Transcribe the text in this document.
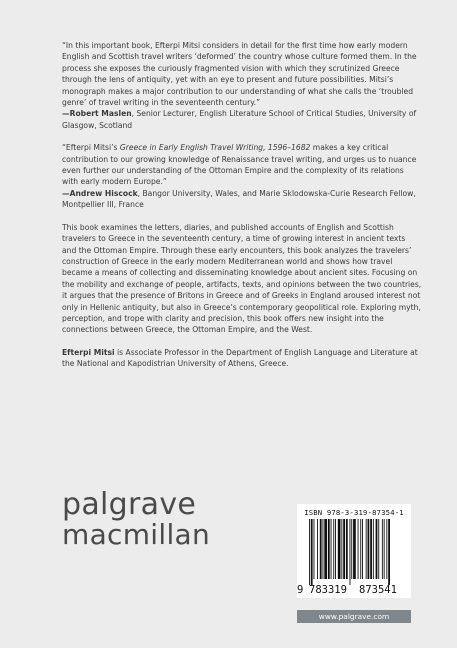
“In this important book, Efterpi Mitsi considers in detail for the first time how early modern English and Scottish travel writers ‘deformed’ the country whose culture formed them. In the process she exposes the curiously fragmented vision with which they scrutinized Greece through the lens of antiquity, yet with an eye to present and future possibilities. Mitsi’s monograph makes a major contribution to our understanding of what she calls the ‘troubled genre’ of travel writing in the seventeenth century.”
—Robert Maslen, Senior Lecturer, English Literature School of Critical Studies, University of Glasgow, Scotland

“Efterpi Mitsi’s Greece in Early English Travel Writing, 1596–1682 makes a key critical contribution to our growing knowledge of Renaissance travel writing, and urges us to nuance even further our understanding of the Ottoman Empire and the complexity of its relations with early modern Europe.”
—Andrew Hiscock, Bangor University, Wales, and Marie Sklodowska-Curie Research Fellow, Montpellier III, France

This book examines the letters, diaries, and published accounts of English and Scottish travelers to Greece in the seventeenth century, a time of growing interest in ancient texts and the Ottoman Empire. Through these early encounters, this book analyzes the travelers’ construction of Greece in the early modern Mediterranean world and shows how travel became a means of collecting and disseminating knowledge about ancient sites. Focusing on the mobility and exchange of people, artifacts, texts, and opinions between the two countries, it argues that the presence of Britons in Greece and of Greeks in England aroused interest not only in Hellenic antiquity, but also in Greece’s contemporary geopolitical role. Exploring myth, perception, and trope with clarity and precision, this book offers new insight into the connections between Greece, the Ottoman Empire, and the West.

Efterpi Mitsi is Associate Professor in the Department of English Language and Literature at the National and Kapodistrian University of Athens, Greece.

palgrave
macmillan
ISBN 978-3-319-87354-1
9 783319 873541
www.palgrave.com
